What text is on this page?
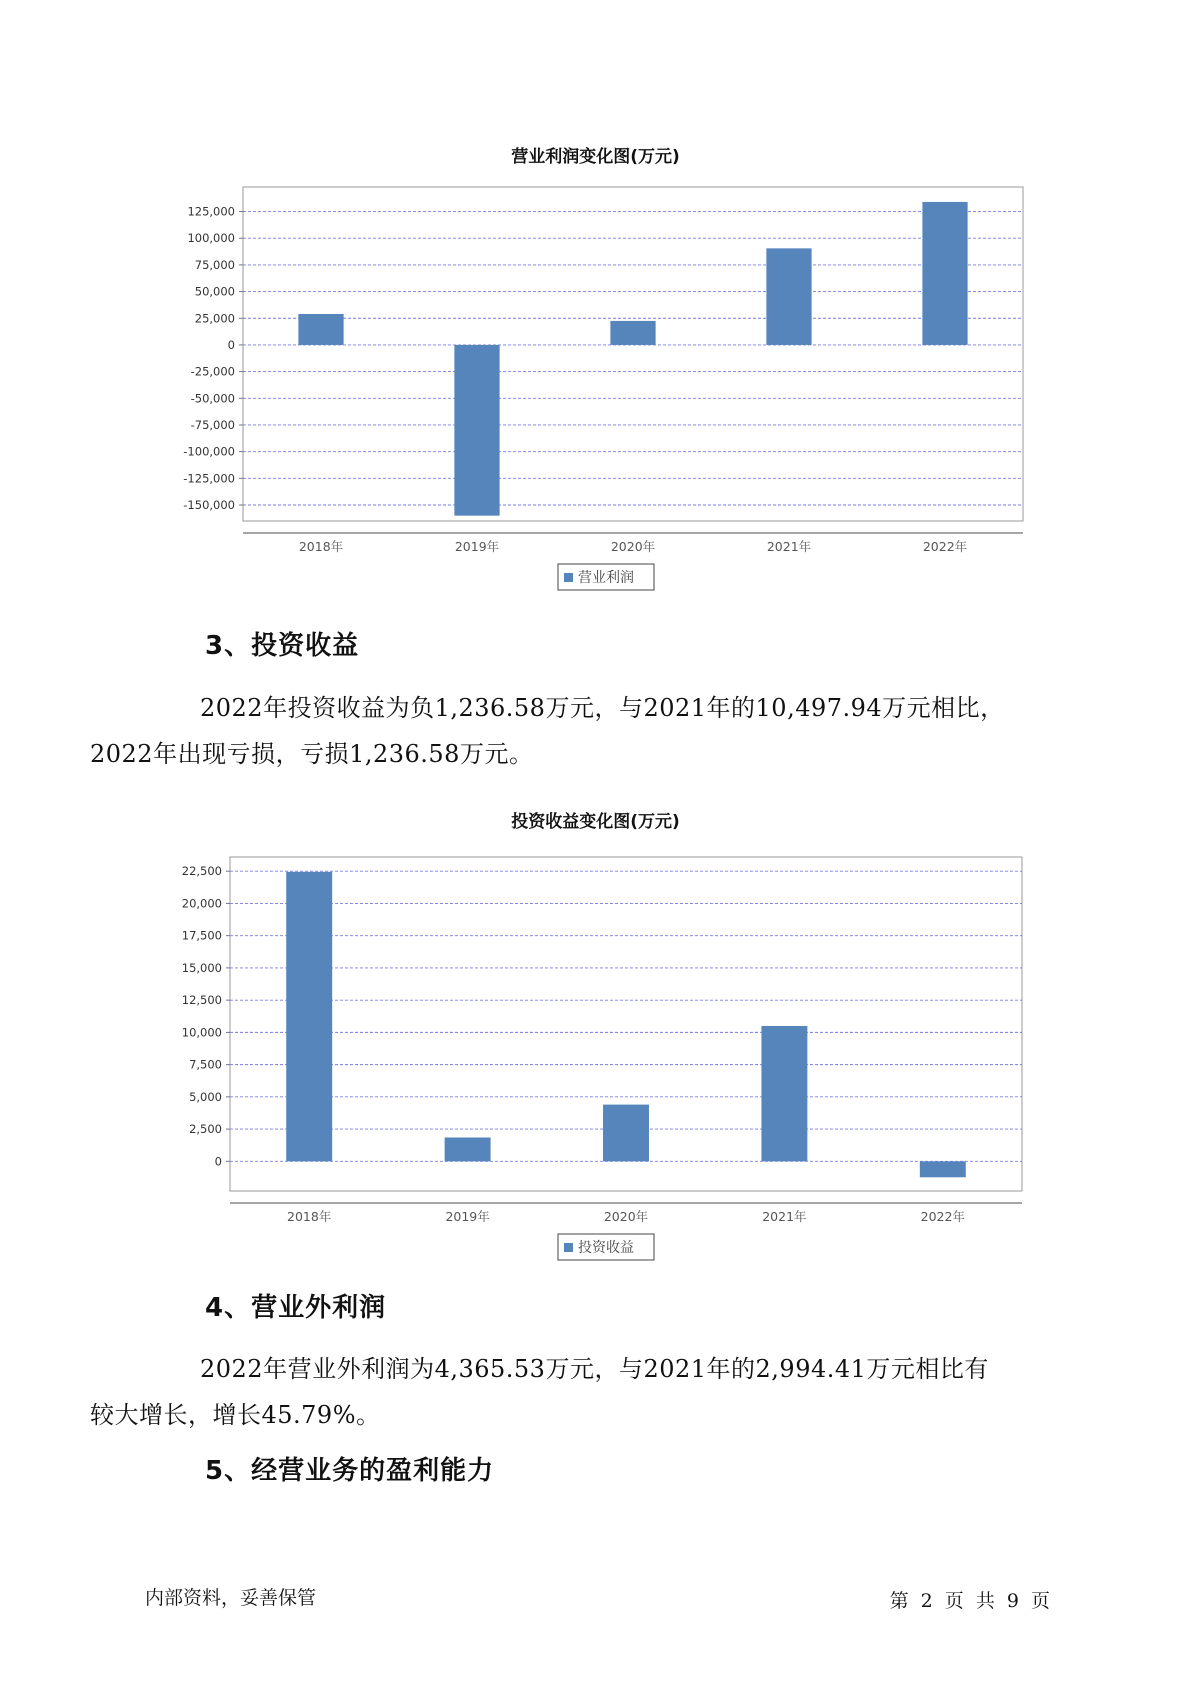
营业利润变化图(万元)
125,000
100,000
75,000
50,000
25,000
0
-25,000
-50,000
-75,000
-100,000
-125,000
-150,000
2018年	2019年	2020年	2021年	2022年
营业利润
3、投资收益
2022年投资收益为负1,236.58万元，与2021年的10,497.94万元相比，
2022年出现亏损，亏损1,236.58万元。
投资收益变化图(万元)
22,500
20,000
17,500
15,000
12,500
10,000
7,500
5,000
2,500
0
2018年	2019年	2020年	2021年	2022年
投资收益
4、营业外利润
2022年营业外利润为4,365.53万元，与2021年的2,994.41万元相比有
较大增长，增长45.79%。
5、经营业务的盈利能力
内部资料，妥善保管	第 2 页 共 9 页
